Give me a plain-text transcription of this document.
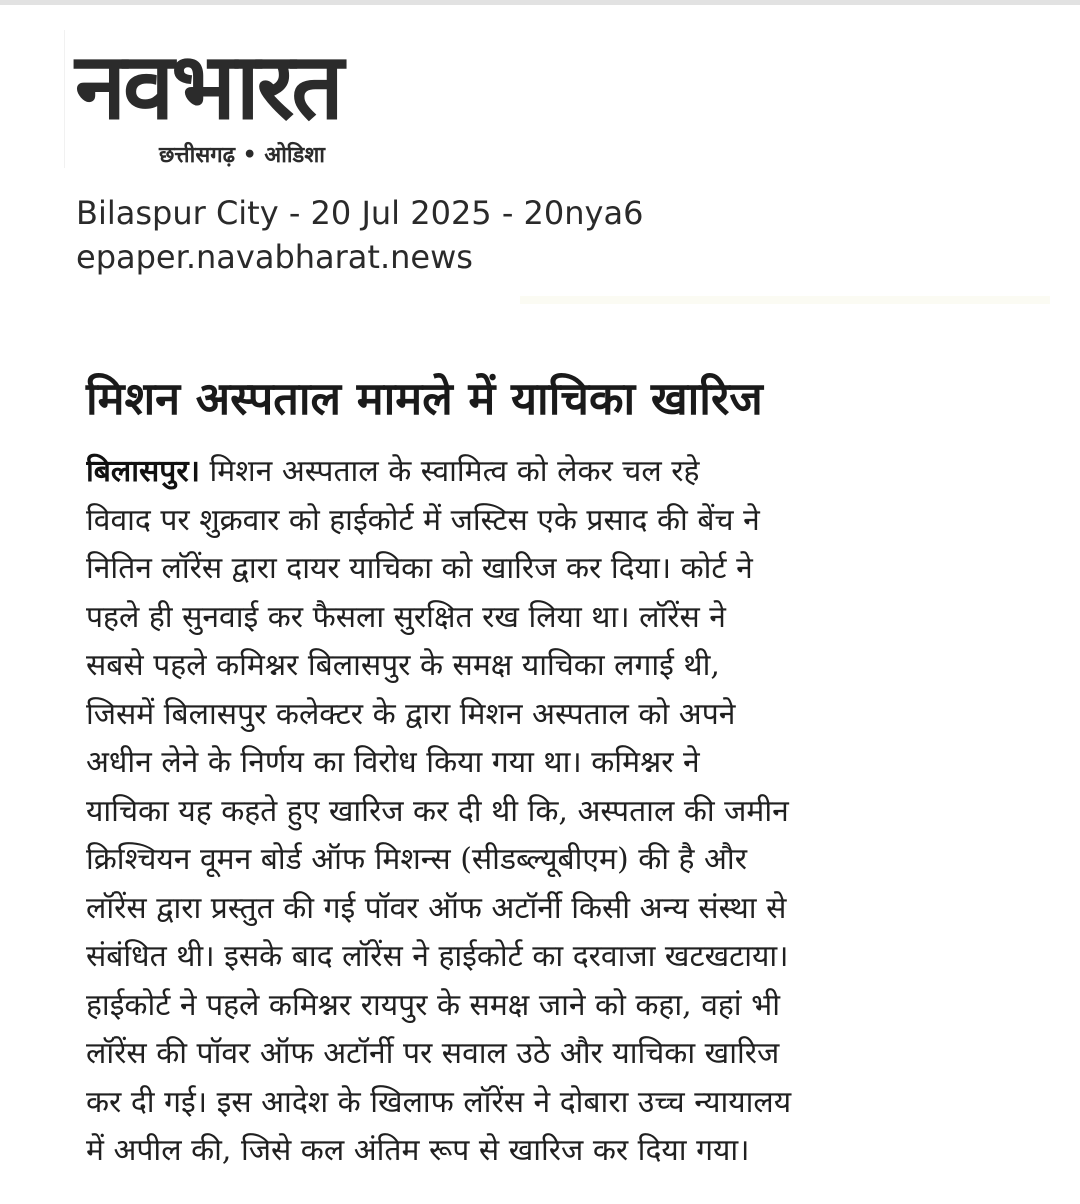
नवभारत
छत्तीसगढ़ • ओडिशा
Bilaspur City - 20 Jul 2025 - 20nya6
epaper.navabharat.news
मिशन अस्पताल मामले में याचिका खारिज
बिलासपुर। मिशन अस्पताल के स्वामित्व को लेकर चल रहे
विवाद पर शुक्रवार को हाईकोर्ट में जस्टिस एके प्रसाद की बेंच ने
नितिन लॉरेंस द्वारा दायर याचिका को खारिज कर दिया। कोर्ट ने
पहले ही सुनवाई कर फैसला सुरक्षित रख लिया था। लॉरेंस ने
सबसे पहले कमिश्नर बिलासपुर के समक्ष याचिका लगाई थी,
जिसमें बिलासपुर कलेक्टर के द्वारा मिशन अस्पताल को अपने
अधीन लेने के निर्णय का विरोध किया गया था। कमिश्नर ने
याचिका यह कहते हुए खारिज कर दी थी कि, अस्पताल की जमीन
क्रिश्चियन वूमन बोर्ड ऑफ मिशन्स (सीडब्ल्यूबीएम) की है और
लॉरेंस द्वारा प्रस्तुत की गई पॉवर ऑफ अटॉर्नी किसी अन्य संस्था से
संबंधित थी। इसके बाद लॉरेंस ने हाईकोर्ट का दरवाजा खटखटाया।
हाईकोर्ट ने पहले कमिश्नर रायपुर के समक्ष जाने को कहा, वहां भी
लॉरेंस की पॉवर ऑफ अटॉर्नी पर सवाल उठे और याचिका खारिज
कर दी गई। इस आदेश के खिलाफ लॉरेंस ने दोबारा उच्च न्यायालय
में अपील की, जिसे कल अंतिम रूप से खारिज कर दिया गया।
